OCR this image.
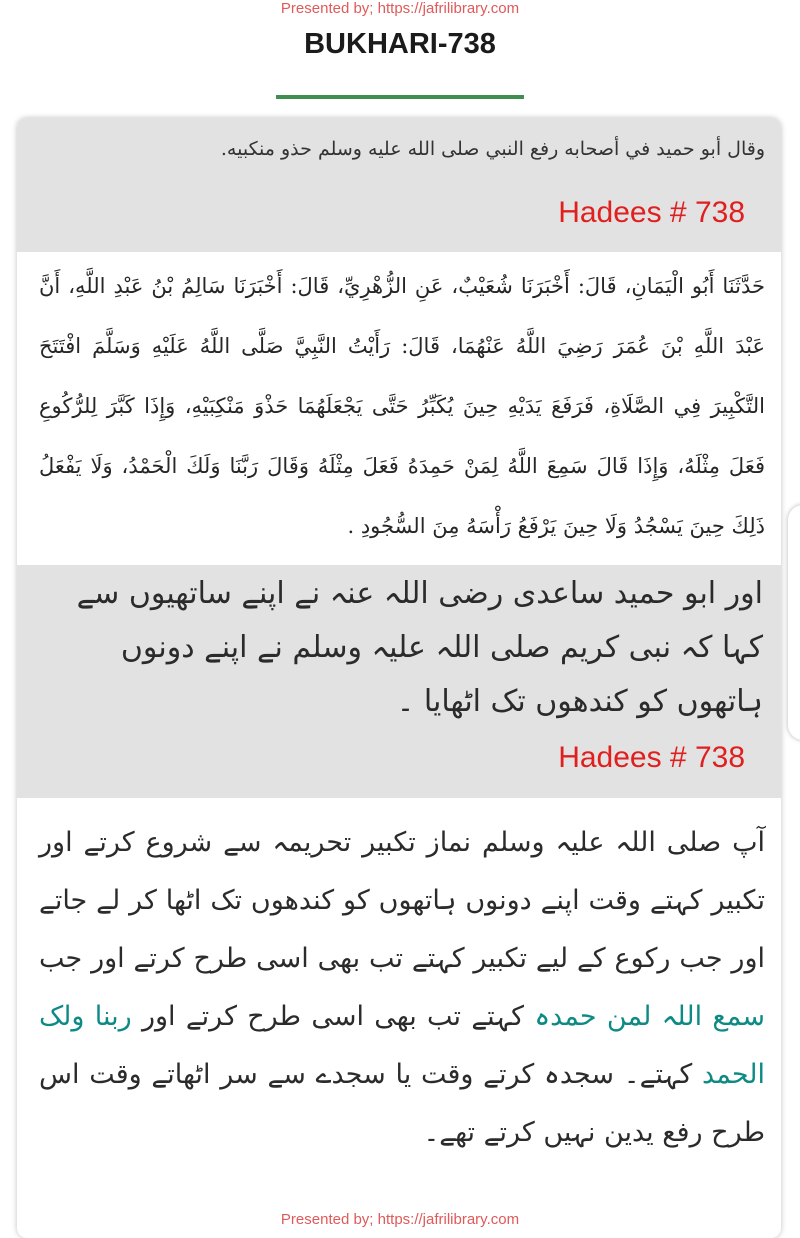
Presented by; https://jafrilibrary.com
BUKHARI-738
وقال أبو حميد في أصحابه رفع النبي صلى الله عليه وسلم حذو منكبيه.
Hadees # 738
حَدَّثَنَا أَبُو الْيَمَانِ، قَالَ: أَخْبَرَنَا شُعَيْبٌ، عَنِ الزُّهْرِيِّ، قَالَ: أَخْبَرَنَا سَالِمُ بْنُ عَبْدِ اللَّهِ، أَنَّ عَبْدَ اللَّهِ بْنَ عُمَرَ رَضِيَ اللَّهُ عَنْهُمَا، قَالَ: رَأَيْتُ النَّبِيَّ صَلَّى اللَّهُ عَلَيْهِ وَسَلَّمَ افْتَتَحَ التَّكْبِيرَ فِي الصَّلَاةِ، فَرَفَعَ يَدَيْهِ حِينَ يُكَبِّرُ حَتَّى يَجْعَلَهُمَا حَذْوَ مَنْكِبَيْهِ، وَإِذَا كَبَّرَ لِلرُّكُوعِ فَعَلَ مِثْلَهُ، وَإِذَا قَالَ سَمِعَ اللَّهُ لِمَنْ حَمِدَهُ فَعَلَ مِثْلَهُ وَقَالَ رَبَّنَا وَلَكَ الْحَمْدُ، وَلَا يَفْعَلُ ذَلِكَ حِينَ يَسْجُدُ وَلَا حِينَ يَرْفَعُ رَأْسَهُ مِنَ السُّجُودِ .
اور ابو حمید ساعدی رضی اللہ عنہ نے اپنے ساتھیوں سے کہا کہ نبی کریم صلی اللہ علیہ وسلم نے اپنے دونوں ہاتھوں کو کندھوں تک اٹھایا ۔
Hadees # 738
آپ صلی اللہ علیہ وسلم نماز تکبیر تحریمہ سے شروع کرتے اور تکبیر کہتے وقت اپنے دونوں ہاتھوں کو کندھوں تک اٹھا کر لے جاتے اور جب رکوع کے لیے تکبیر کہتے تب بھی اسی طرح کرتے اور جب سمع اللہ لمن حمدہ کہتے تب بھی اسی طرح کرتے اور ربنا ولک الحمد کہتے۔ سجدہ کرتے وقت یا سجدے سے سر اٹھاتے وقت اس طرح رفع یدین نہیں کرتے تھے۔
Presented by; https://jafrilibrary.com
